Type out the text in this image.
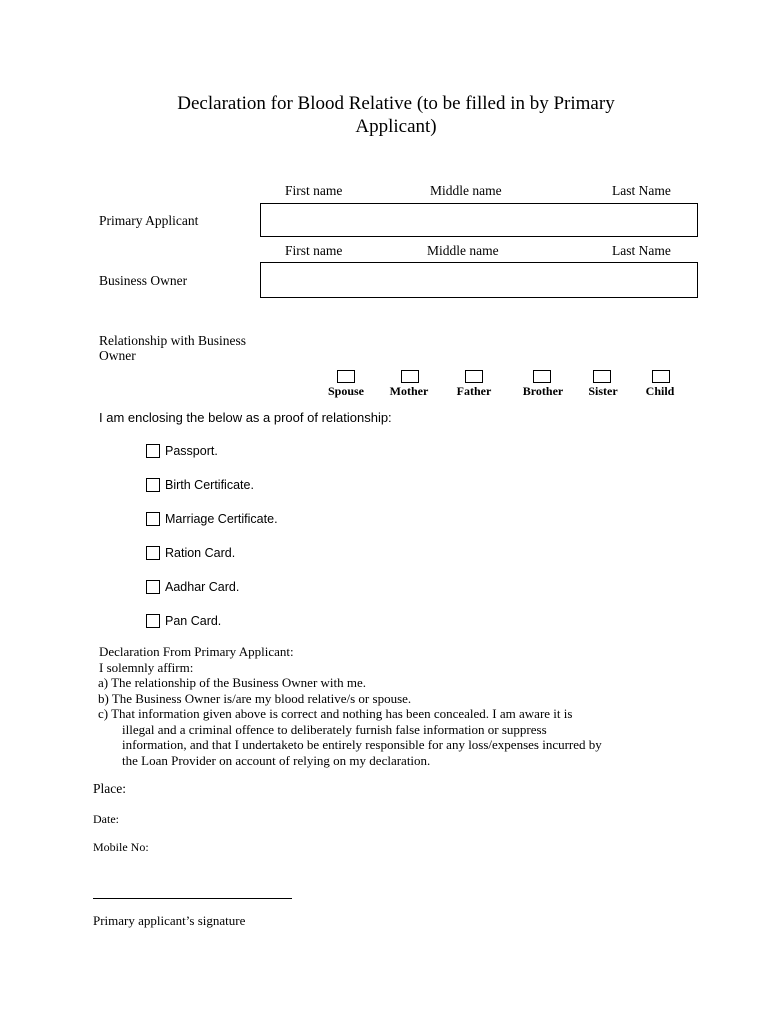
Declaration for Blood Relative (to be filled in by Primary
Applicant)
First name	Middle name	Last Name
Primary Applicant
First name	Middle name	Last Name
Business Owner
Relationship with Business
Owner
Spouse	Mother	Father	Brother	Sister	Child
I am enclosing the below as a proof of relationship:
Passport.
Birth Certificate.
Marriage Certificate.
Ration Card.
Aadhar Card.
Pan Card.
Declaration From Primary Applicant:
I solemnly affirm:
a) The relationship of the Business Owner with me.
b) The Business Owner is/are my blood relative/s or spouse.
c) That information given above is correct and nothing has been concealed. I am aware it is
illegal and a criminal offence to deliberately furnish false information or suppress
information, and that I undertaketo be entirely responsible for any loss/expenses incurred by
the Loan Provider on account of relying on my declaration.
Place:
Date:
Mobile No:
Primary applicant’s signature
